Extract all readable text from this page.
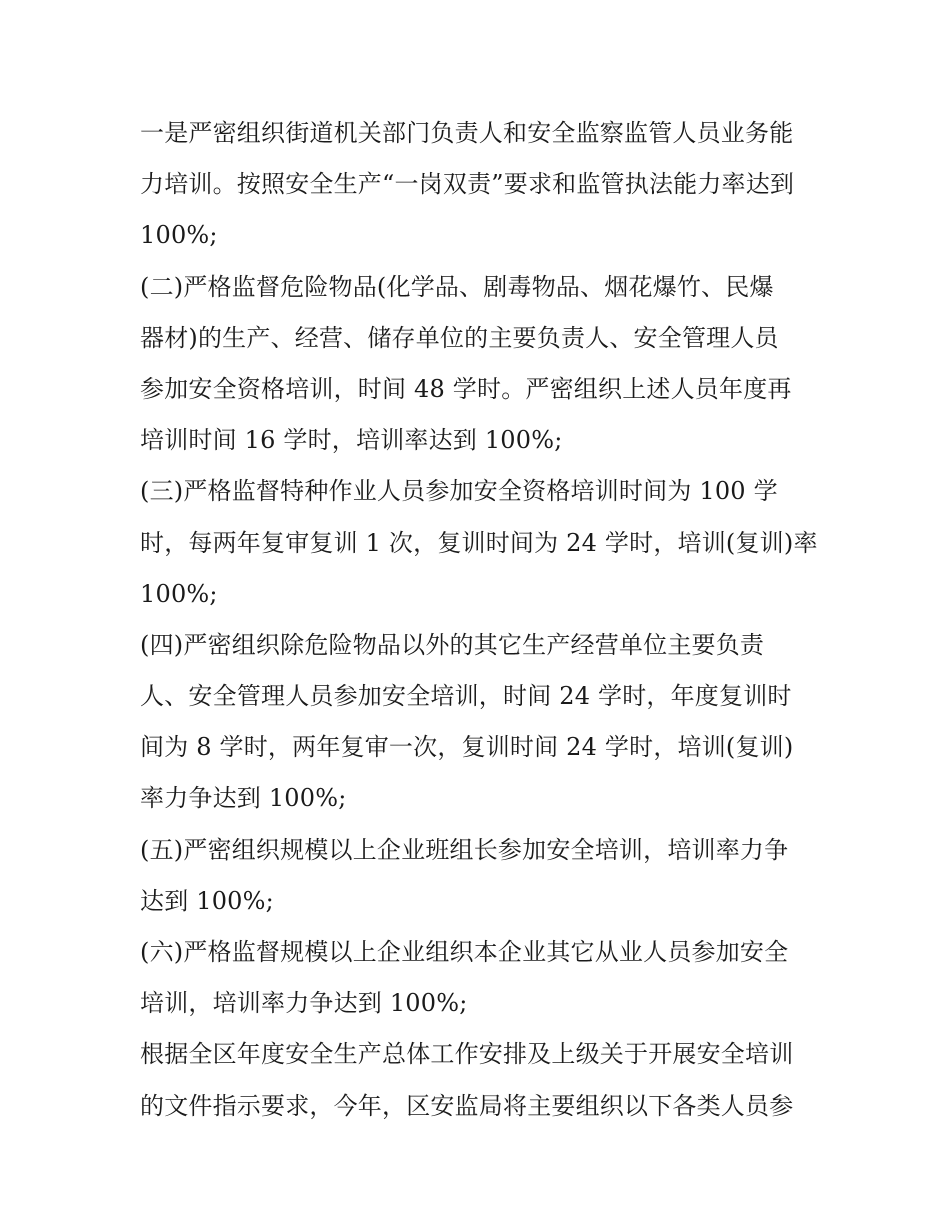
一是严密组织街道机关部门负责人和安全监察监管人员业务能
力培训。按照安全生产“一岗双责”要求和监管执法能力率达到
100%;
(二)严格监督危险物品(化学品、剧毒物品、烟花爆竹、民爆
器材)的生产、经营、储存单位的主要负责人、安全管理人员
参加安全资格培训，时间 48 学时。严密组织上述人员年度再
培训时间 16 学时，培训率达到 100%;
(三)严格监督特种作业人员参加安全资格培训时间为 100 学
时，每两年复审复训 1 次，复训时间为 24 学时，培训(复训)率
100%;
(四)严密组织除危险物品以外的其它生产经营单位主要负责
人、安全管理人员参加安全培训，时间 24 学时，年度复训时
间为 8 学时，两年复审一次，复训时间 24 学时，培训(复训)
率力争达到 100%;
(五)严密组织规模以上企业班组长参加安全培训，培训率力争
达到 100%;
(六)严格监督规模以上企业组织本企业其它从业人员参加安全
培训，培训率力争达到 100%;
根据全区年度安全生产总体工作安排及上级关于开展安全培训
的文件指示要求，今年，区安监局将主要组织以下各类人员参
